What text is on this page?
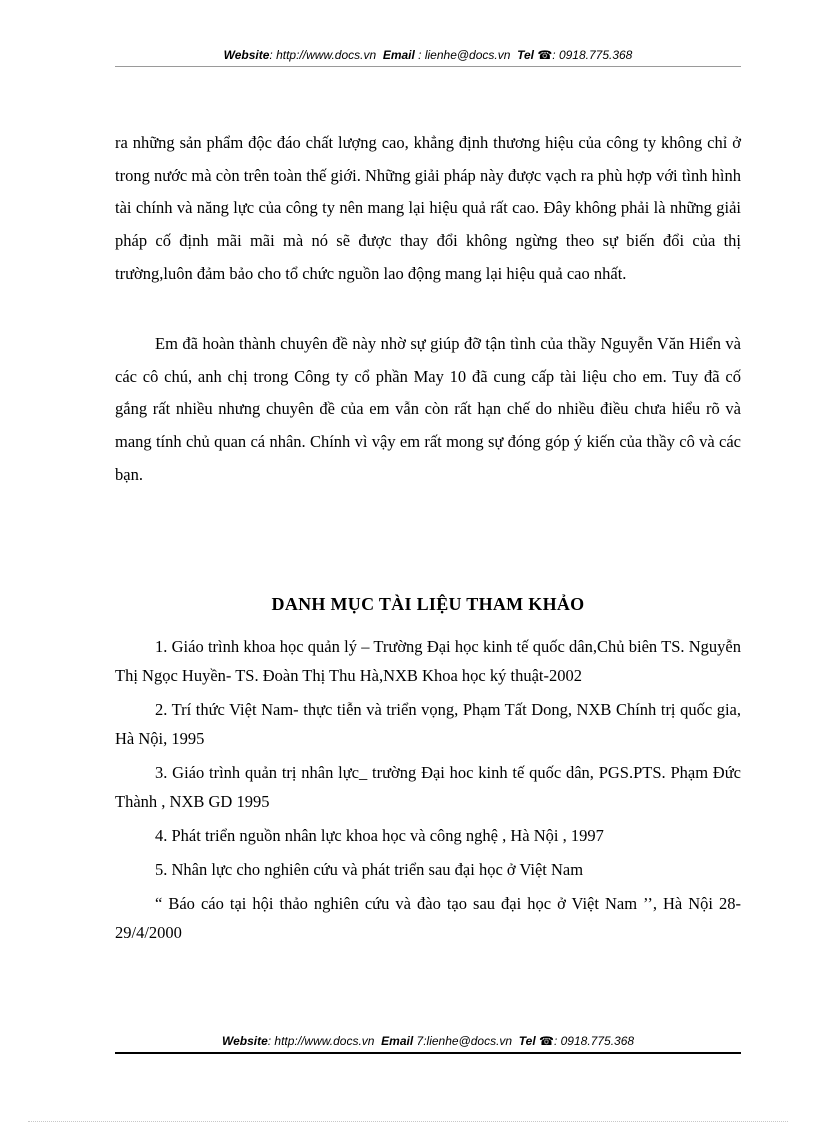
Website: http://www.docs.vn Email : lienhe@docs.vn Tel ☎: 0918.775.368

ra những sản phẩm độc đáo chất lượng cao, khẳng định thương hiệu của công ty không chỉ ở trong nước mà còn trên toàn thế giới. Những giải pháp này được vạch ra phù hợp với tình hình tài chính và năng lực của công ty nên mang lại hiệu quả rất cao. Đây không phải là những giải pháp cố định mãi mãi mà nó sẽ được thay đổi không ngừng theo sự biến đổi của thị trường,luôn đảm bảo cho tổ chức nguồn lao động mang lại hiệu quả cao nhất.

Em đã hoàn thành chuyên đề này nhờ sự giúp đỡ tận tình của thầy Nguyễn Văn Hiển và các cô chú, anh chị trong Công ty cổ phần May 10 đã cung cấp tài liệu cho em. Tuy đã cố gắng rất nhiều nhưng chuyên đề của em vẫn còn rất hạn chế do nhiều điều chưa hiểu rõ và mang tính chủ quan cá nhân. Chính vì vậy em rất mong sự đóng góp ý kiến của thầy cô và các bạn.

DANH MỤC TÀI LIỆU THAM KHẢO

1. Giáo trình khoa học quản lý – Trường Đại học kinh tế quốc dân,Chủ biên TS. Nguyễn Thị Ngọc Huyền- TS. Đoàn Thị Thu Hà,NXB Khoa học ký thuật-2002

2. Trí thức Việt Nam- thực tiễn và triển vọng, Phạm Tất Dong, NXB Chính trị quốc gia, Hà Nội, 1995

3. Giáo trình quản trị nhân lực_ trường Đại hoc kinh tế quốc dân, PGS.PTS. Phạm Đức Thành , NXB GD 1995

4. Phát triển nguồn nhân lực khoa học và công nghệ , Hà Nội , 1997

5. Nhân lực cho nghiên cứu và phát triển sau đại học ở Việt Nam

“ Báo cáo tại hội thảo nghiên cứu và đào tạo sau đại học ở Việt Nam ’’, Hà Nội 28-29/4/2000

Website: http://www.docs.vn Email 7:lienhe@docs.vn Tel ☎: 0918.775.368
